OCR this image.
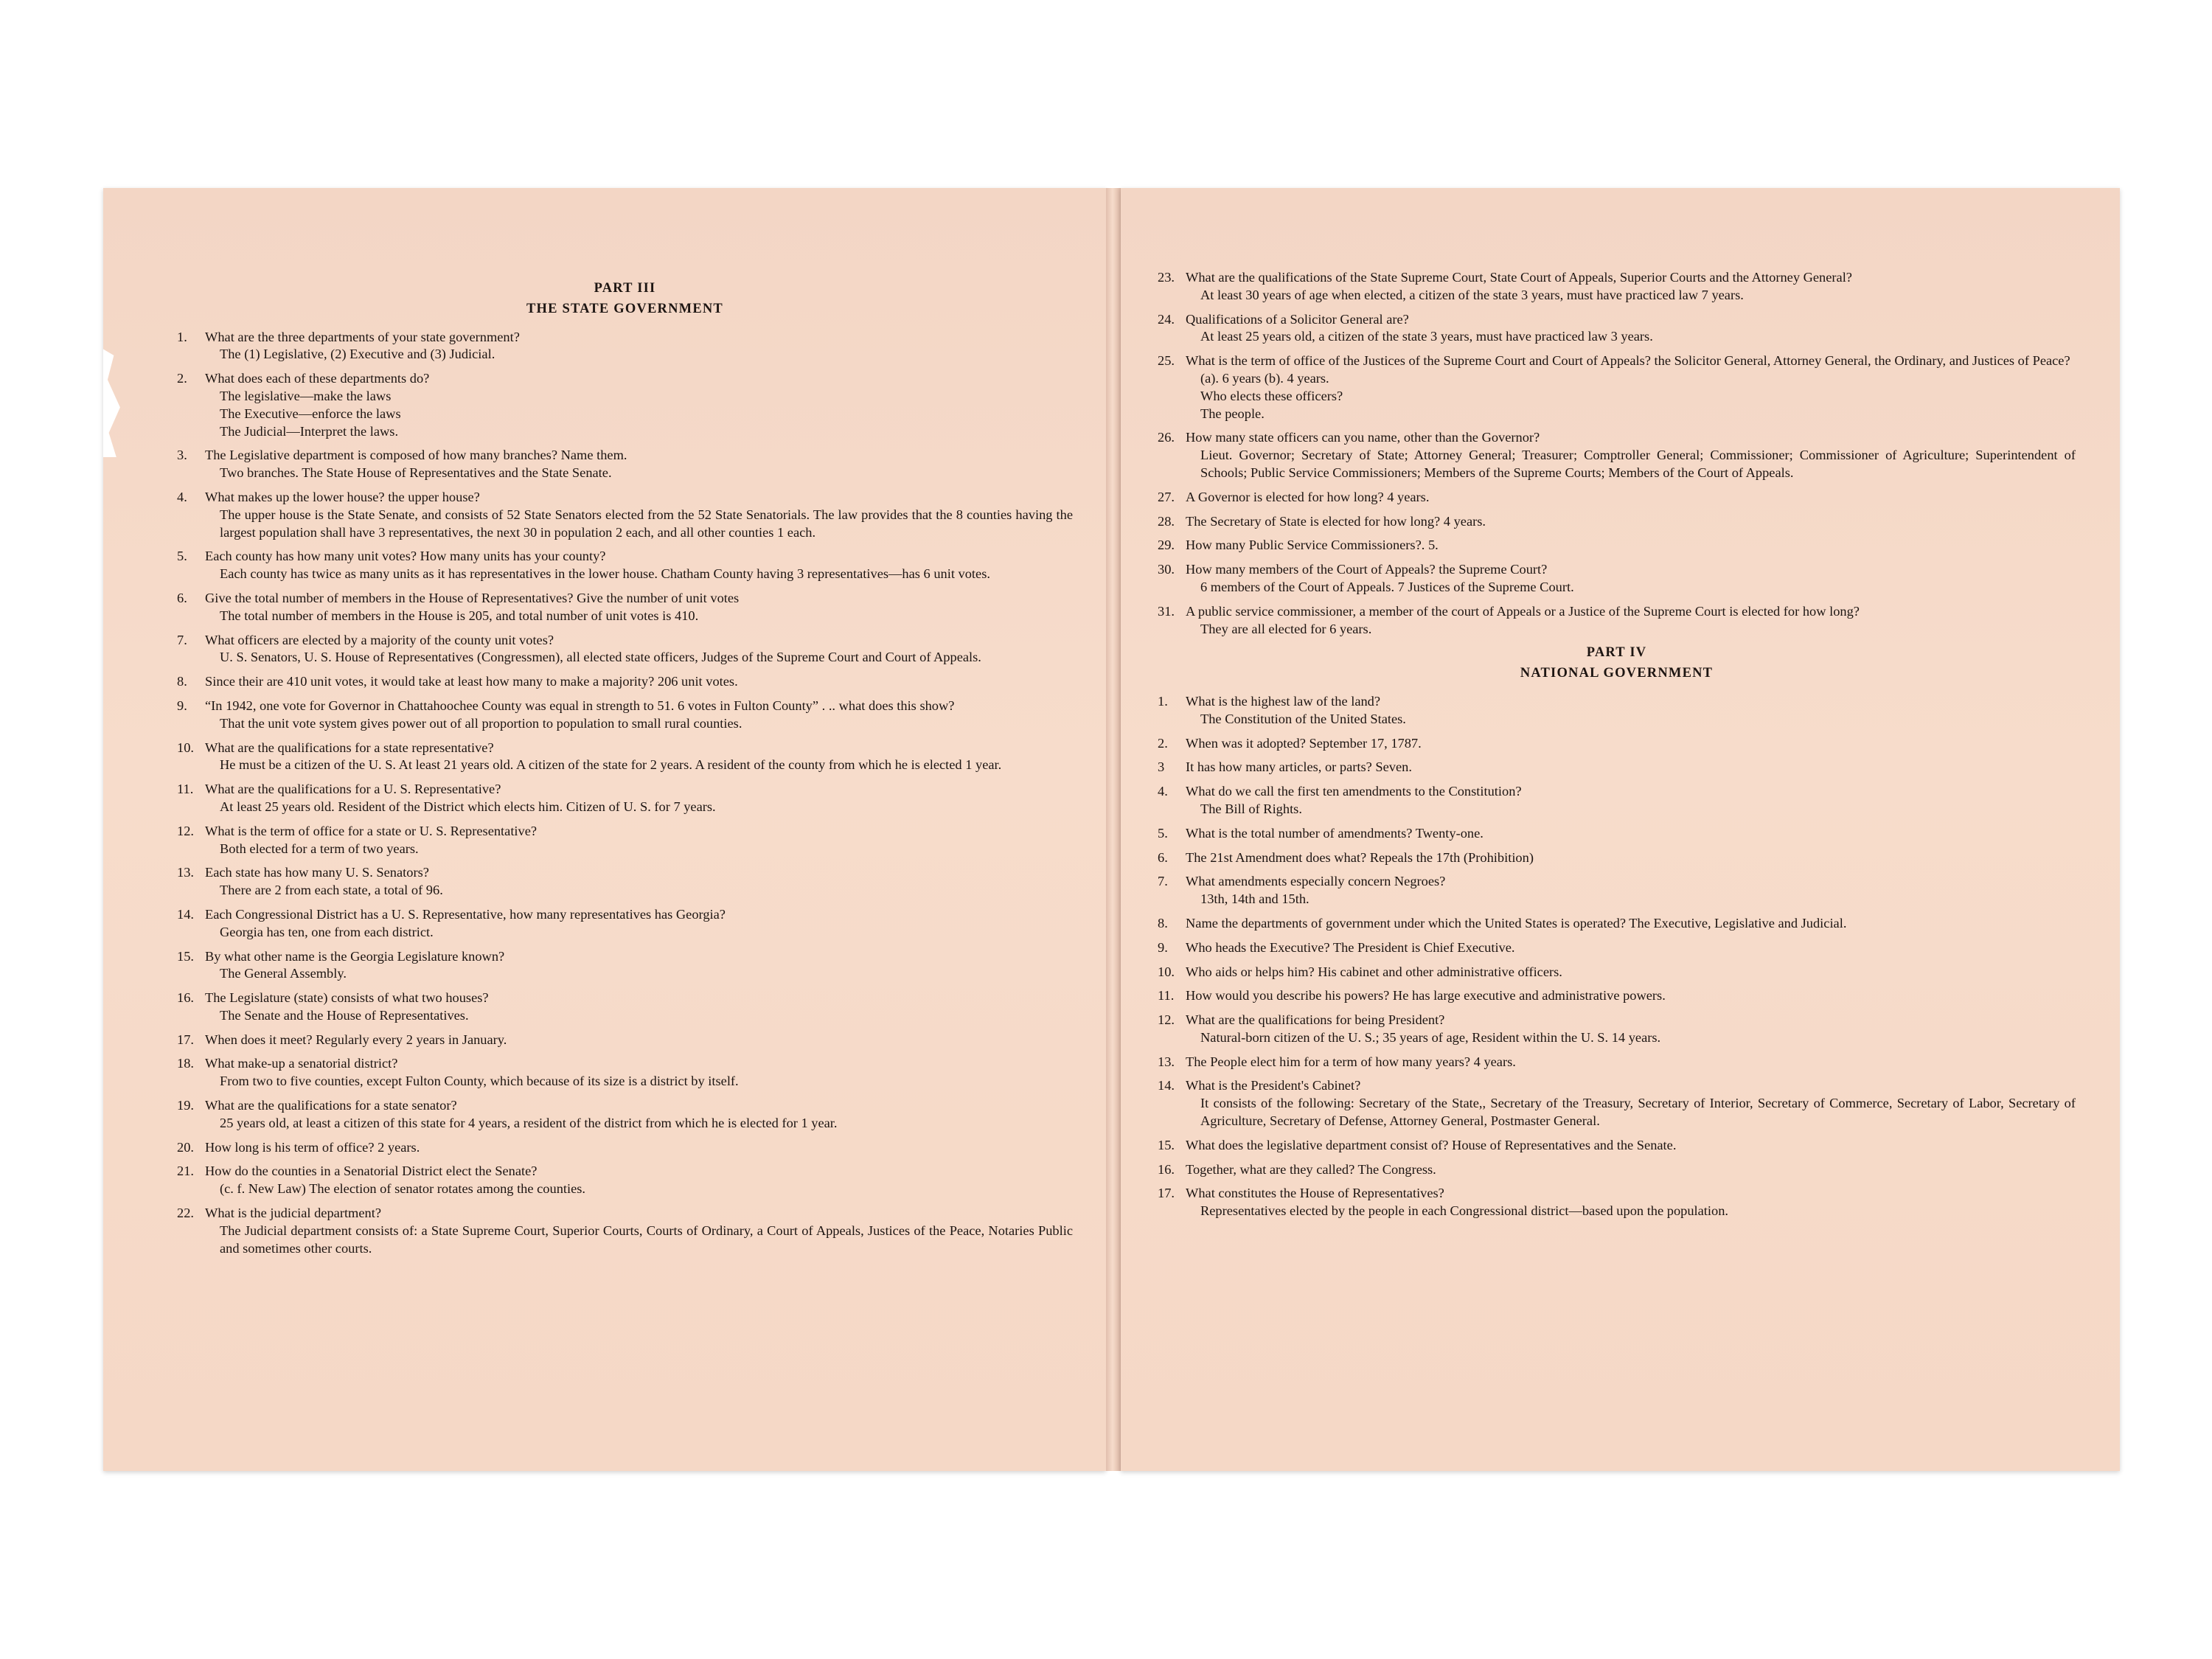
PART III
THE STATE GOVERNMENT
1. What are the three departments of your state government?
The (1) Legislative, (2) Executive and (3) Judicial.
2. What does each of these departments do?
The legislative—make the laws
The Executive—enforce the laws
The Judicial—Interpret the laws.
3. The Legislative department is composed of how many branches? Name them.
Two branches. The State House of Representatives and the State Senate.
4. What makes up the lower house? the upper house?
The upper house is the State Senate, and consists of 52 State Senators elected from the 52 State Senatorials. The law provides that the 8 counties having the largest population shall have 3 representatives, the next 30 in population 2 each, and all other counties 1 each.
5. Each county has how many unit votes? How many units has your county?
Each county has twice as many units as it has representatives in the lower house. Chatham County having 3 representatives—has 6 unit votes.
6. Give the total number of members in the House of Representatives? Give the number of unit votes
The total number of members in the House is 205, and total number of unit votes is 410.
7. What officers are elected by a majority of the county unit votes?
U. S. Senators, U. S. House of Representatives (Congressmen), all elected state officers, Judges of the Supreme Court and Court of Appeals.
8. Since their are 410 unit votes, it would take at least how many to make a majority? 206 unit votes.
9. “In 1942, one vote for Governor in Chattahoochee County was equal in strength to 51. 6 votes in Fulton County” . .. what does this show?
That the unit vote system gives power out of all proportion to population to small rural counties.
10. What are the qualifications for a state representative?
He must be a citizen of the U. S. At least 21 years old. A citizen of the state for 2 years. A resident of the county from which he is elected 1 year.
11. What are the qualifications for a U. S. Representative?
At least 25 years old. Resident of the District which elects him. Citizen of U. S. for 7 years.
12. What is the term of office for a state or U. S. Representative?
Both elected for a term of two years.
13. Each state has how many U. S. Senators?
There are 2 from each state, a total of 96.
14. Each Congressional District has a U. S. Representative, how many representatives has Georgia?
Georgia has ten, one from each district.
15. By what other name is the Georgia Legislature known?
The General Assembly.
16. The Legislature (state) consists of what two houses?
The Senate and the House of Representatives.
17. When does it meet? Regularly every 2 years in January.
18. What make-up a senatorial district?
From two to five counties, except Fulton County, which because of its size is a district by itself.
19. What are the qualifications for a state senator?
25 years old, at least a citizen of this state for 4 years, a resident of the district from which he is elected for 1 year.
20. How long is his term of office? 2 years.
21. How do the counties in a Senatorial District elect the Senate?
(c. f. New Law) The election of senator rotates among the counties.
22. What is the judicial department?
The Judicial department consists of: a State Supreme Court, Superior Courts, Courts of Ordinary, a Court of Appeals, Justices of the Peace, Notaries Public and sometimes other courts.
23. What are the qualifications of the State Supreme Court, State Court of Appeals, Superior Courts and the Attorney General?
At least 30 years of age when elected, a citizen of the state 3 years, must have practiced law 7 years.
24. Qualifications of a Solicitor General are?
At least 25 years old, a citizen of the state 3 years, must have practiced law 3 years.
25. What is the term of office of the Justices of the Supreme Court and Court of Appeals? the Solicitor General, Attorney General, the Ordinary, and Justices of Peace?
(a). 6 years (b). 4 years.
Who elects these officers?
The people.
26. How many state officers can you name, other than the Governor?
Lieut. Governor; Secretary of State; Attorney General; Treasurer; Comptroller General; Commissioner; Commissioner of Agriculture; Superintendent of Schools; Public Service Commissioners; Members of the Supreme Courts; Members of the Court of Appeals.
27. A Governor is elected for how long? 4 years.
28. The Secretary of State is elected for how long? 4 years.
29. How many Public Service Commissioners?. 5.
30. How many members of the Court of Appeals? the Supreme Court?
6 members of the Court of Appeals. 7 Justices of the Supreme Court.
31. A public service commissioner, a member of the court of Appeals or a Justice of the Supreme Court is elected for how long?
They are all elected for 6 years.
PART IV
NATIONAL GOVERNMENT
1. What is the highest law of the land?
The Constitution of the United States.
2. When was it adopted? September 17, 1787.
3 It has how many articles, or parts? Seven.
4. What do we call the first ten amendments to the Constitution?
The Bill of Rights.
5. What is the total number of amendments? Twenty-one.
6. The 21st Amendment does what? Repeals the 17th (Prohibition)
7. What amendments especially concern Negroes?
13th, 14th and 15th.
8. Name the departments of government under which the United States is operated? The Executive, Legislative and Judicial.
9. Who heads the Executive? The President is Chief Executive.
10. Who aids or helps him? His cabinet and other administrative officers.
11. How would you describe his powers? He has large executive and administrative powers.
12. What are the qualifications for being President?
Natural-born citizen of the U. S.; 35 years of age, Resident within the U. S. 14 years.
13. The People elect him for a term of how many years? 4 years.
14. What is the President's Cabinet?
It consists of the following: Secretary of the State,, Secretary of the Treasury, Secretary of Interior, Secretary of Commerce, Secretary of Labor, Secretary of Agriculture, Secretary of Defense, Attorney General, Postmaster General.
15. What does the legislative department consist of? House of Representatives and the Senate.
16. Together, what are they called? The Congress.
17. What constitutes the House of Representatives?
Representatives elected by the people in each Congressional district—based upon the population.
